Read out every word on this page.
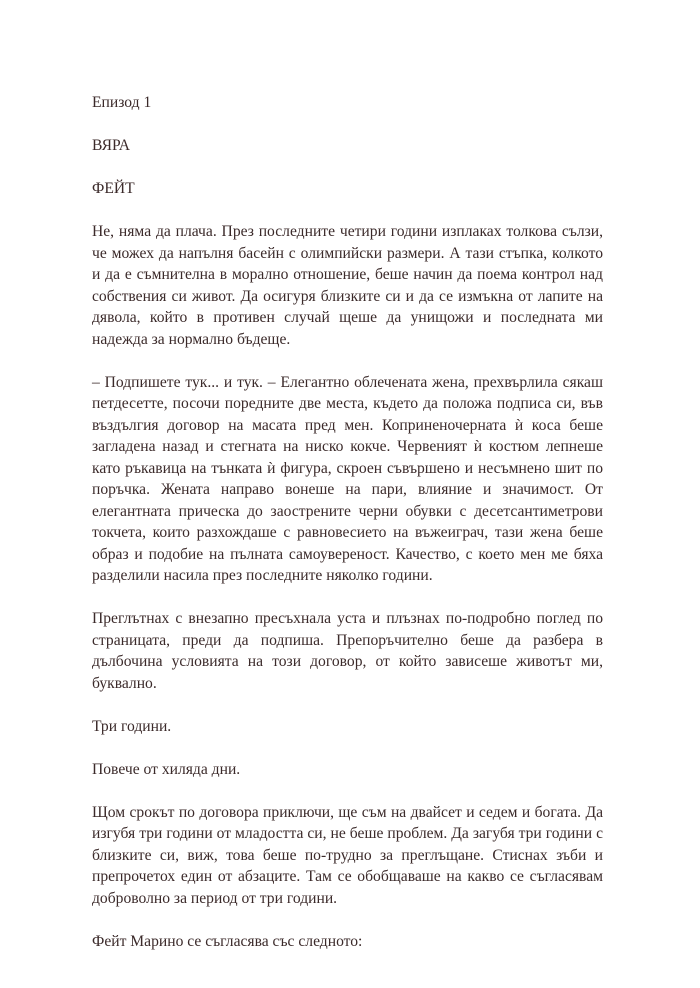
Епизод 1

ВЯРА

ФЕЙТ

Не, няма да плача. През последните четири години изплаках толкова сълзи, че можех да напълня басейн с олимпийски размери. А тази стъпка, колкото и да е съмнителна в морално отношение, беше начин да поема контрол над собствения си живот. Да осигуря близките си и да се измъкна от лапите на дявола, който в противен случай щеше да унищожи и последната ми надежда за нормално бъдеще.

– Подпишете тук... и тук. – Елегантно облечената жена, прехвърлила сякаш петдесетте, посочи поредните две места, където да положа подписа си, във въздългия договор на масата пред мен. Коприненочерната ѝ коса беше загладена назад и стегната на ниско кокче. Червеният ѝ костюм лепнеше като ръкавица на тънката ѝ фигура, скроен съвършено и несъмнено шит по поръчка. Жената направо вонеше на пари, влияние и значимост. От елегантната прическа до заострените черни обувки с десетсантиметрови токчета, които разхождаше с равновесието на въжеиграч, тази жена беше образ и подобие на пълната самоувереност. Качество, с което мен ме бяха разделили насила през последните няколко години.

Преглътнах с внезапно пресъхнала уста и плъзнах по-подробно поглед по страницата, преди да подпиша. Препоръчително беше да разбера в дълбочина условията на този договор, от който зависеше животът ми, буквално.

Три години.

Повече от хиляда дни.

Щом срокът по договора приключи, ще съм на двайсет и седем и богата. Да изгубя три години от младостта си, не беше проблем. Да загубя три години с близките си, виж, това беше по-трудно за преглъщане. Стиснах зъби и препрочетох един от абзаците. Там се обобщаваше на какво се съгласявам доброволно за период от три години.

Фейт Марино се съгласява със следното:
